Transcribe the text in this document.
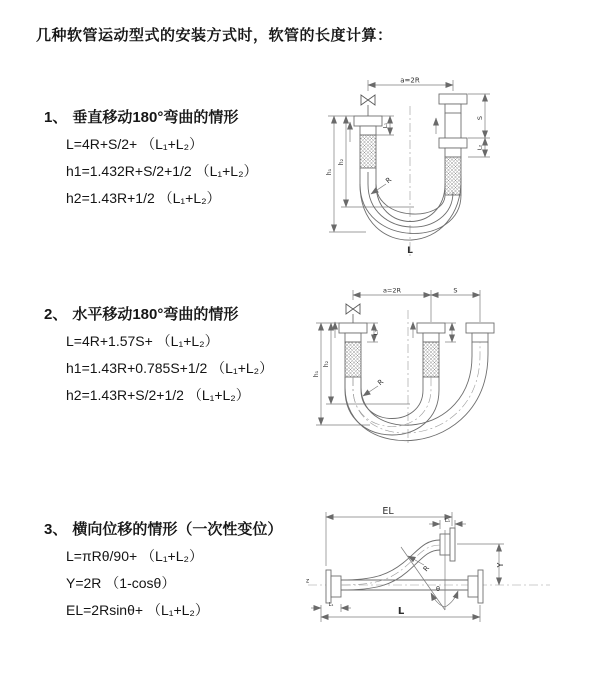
几种软管运动型式的安装方式时，软管的长度计算：
1、 垂直移动180°弯曲的情形
L=4R+S/2+ （L₁+L₂）
h1=1.432R+S/2+1/2 （L₁+L₂）
h2=1.43R+1/2 （L₁+L₂）
2、 水平移动180°弯曲的情形
L=4R+1.57S+ （L₁+L₂）
h1=1.43R+0.785S+1/2 （L₁+L₂）
h2=1.43R+S/2+1/2 （L₁+L₂）
3、 横向位移的情形（一次性变位）
L=πRθ/90+ （L₁+L₂）
Y=2R （1-cosθ）
EL=2Rsinθ+ （L₁+L₂）
a=2R
S
L₂
L₁
h₂
h₁
R
L
a=2R	S
L₁
h₂
h₁
R
z
EL
L₁
Y
L
L₁
R
θ
